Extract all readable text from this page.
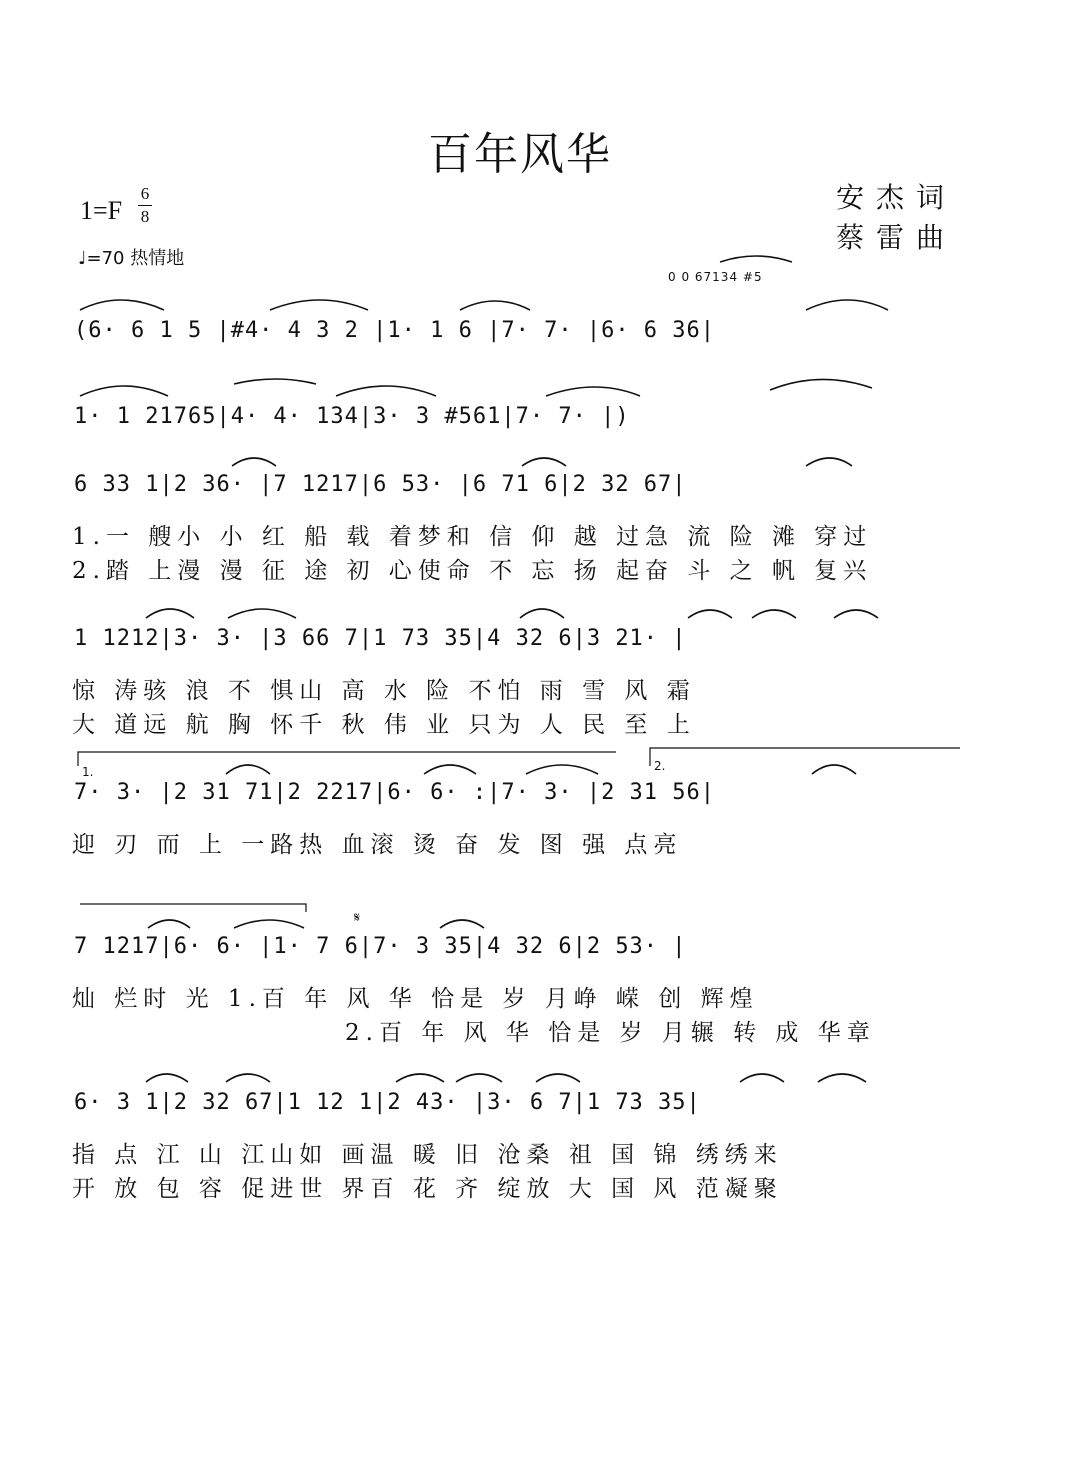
百年风华
1=F
6
8
♩=70 热情地
安杰词
蔡雷曲
0 0 67134 #5
(6· 6 1 5 |#4· 4 3 2 |1· 1 6 |7· 7· |6· 6 36|
1· 1 21765|4· 4· 134|3· 3 #561|7· 7· |)
6 33 1|2 36· |7 1217|6 53· |6 71 6|2 32 67|
1.一 艘小 小 红 船 载 着梦和 信 仰 越 过急 流 险 滩 穿过
2.踏 上漫 漫 征 途 初 心使命 不 忘 扬 起奋 斗 之 帆 复兴
1 1212|3· 3· |3 66 7|1 73 35|4 32 6|3 21· |
惊 涛骇 浪 不 惧山 高 水 险 不怕 雨 雪 风 霜
大 道远 航 胸 怀千 秋 伟 业 只为 人 民 至 上
7· 3· |2 31 71|2 2217|6· 6· :|7· 3· |2 31 56|
迎 刃 而 上 一路热 血滚 烫 奋 发 图 强 点亮
7 1217|6· 6· |1· 7 6|7· 3 35|4 32 6|2 53· |
灿 烂时 光 1.百 年 风 华 恰是 岁 月峥 嵘 创 辉煌
2.百 年 风 华 恰是 岁 月辗 转 成 华章
6· 3 1|2 32 67|1 12 1|2 43· |3· 6 7|1 73 35|
指 点 江 山 江山如 画温 暖 旧 沧桑 祖 国 锦 绣绣来
开 放 包 容 促进世 界百 花 齐 绽放 大 国 风 范凝聚
1.	2.
𝄋
